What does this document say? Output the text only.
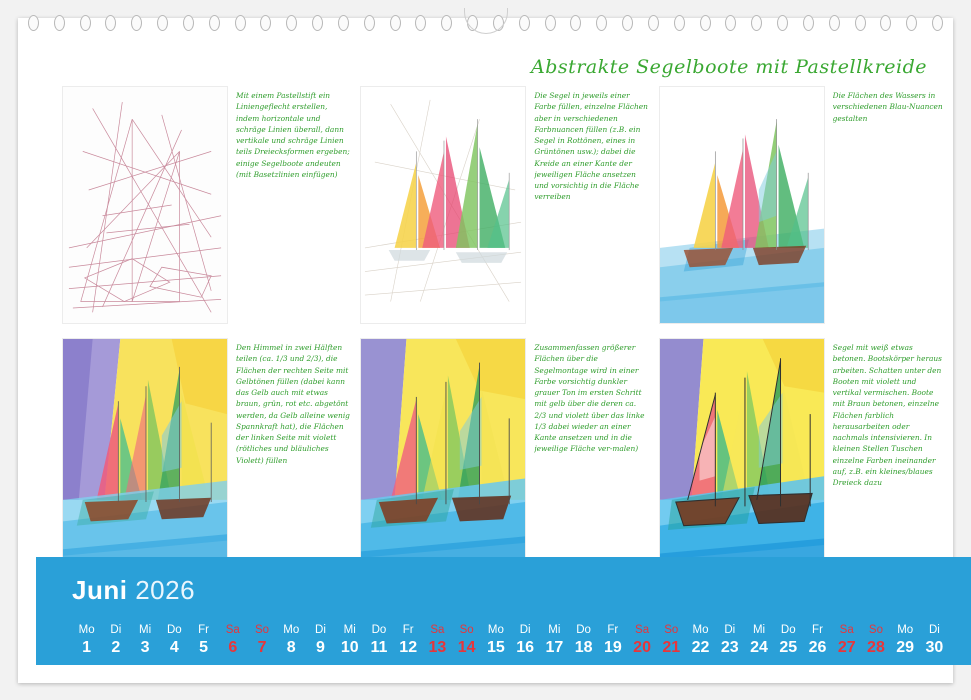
Abstrakte Segelboote mit Pastellkreide
Mit einem Pastellstift ein Liniengeflecht erstellen, indem horizontale und schräge Linien überall, dann vertikale und schräge Linien teils Dreiecksformen ergeben; einige Segelboote andeuten (mit Basetzlinien einfügen)
Die Segel in jeweils einer Farbe füllen, einzelne Flächen aber in verschiedenen Farbnuancen füllen (z.B. ein Segel in Rottönen, eines in Grüntönen usw.); dabei die Kreide an einer Kante der jeweiligen Fläche ansetzen und vorsichtig in die Fläche verreiben
Die Flächen des Wassers in verschiedenen Blau-Nuancen gestalten
Den Himmel in zwei Hälften teilen (ca. 1/3 und 2/3), die Flächen der rechten Seite mit Gelbtönen füllen (dabei kann das Gelb auch mit etwas braun, grün, rot etc. abgetönt werden, da Gelb alleine wenig Spannkraft hat), die Flächen der linken Seite mit violett (rötliches und bläuliches Violett) füllen
Zusammenfassen größerer Flächen über die Segelmontage wird in einer Farbe vorsichtig dunkler grauer Ton im ersten Schritt mit gelb über die deren ca. 2/3 und violett über das linke 1/3 dabei wieder an einer Kante ansetzen und in die jeweilige Fläche ver-malen)
Segel mit weiß etwas betonen. Bootskörper heraus arbeiten. Schatten unter den Booten mit violett und vertikal vermischen. Boote mit Braun betonen, einzelne Flächen farblich herausarbeiten oder nachmals intensivieren. In kleinen Stellen Tuschen einzelne Farben ineinander auf, z.B. ein kleines/blaues Dreieck dazu
Juni 2026
Mo
1
Di
2
Mi
3
Do
4
Fr
5
Sa
6
So
7
Mo
8
Di
9
Mi
10
Do
11
Fr
12
Sa
13
So
14
Mo
15
Di
16
Mi
17
Do
18
Fr
19
Sa
20
So
21
Mo
22
Di
23
Mi
24
Do
25
Fr
26
Sa
27
So
28
Mo
29
Di
30
